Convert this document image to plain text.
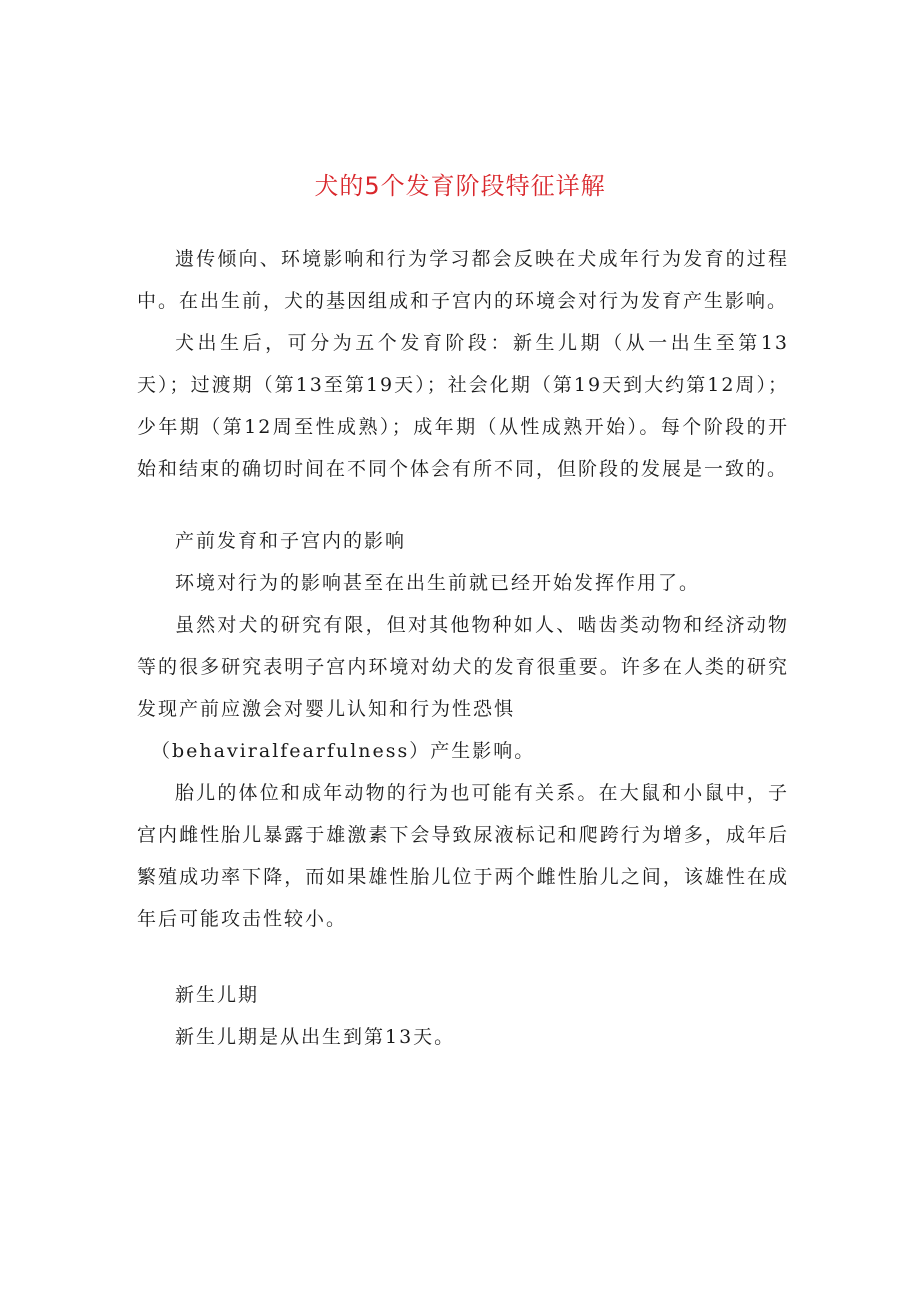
犬的5个发育阶段特征详解

遗传倾向、环境影响和行为学习都会反映在犬成年行为发育的过程中。在出生前，犬的基因组成和子宫内的环境会对行为发育产生影响。

犬出生后，可分为五个发育阶段：新生儿期（从一出生至第13天）；过渡期（第13至第19天）；社会化期（第19天到大约第12周）；少年期（第12周至性成熟）；成年期（从性成熟开始）。每个阶段的开始和结束的确切时间在不同个体会有所不同，但阶段的发展是一致的。

产前发育和子宫内的影响

环境对行为的影响甚至在出生前就已经开始发挥作用了。

虽然对犬的研究有限，但对其他物种如人、啮齿类动物和经济动物等的很多研究表明子宫内环境对幼犬的发育很重要。许多在人类的研究发现产前应激会对婴儿认知和行为性恐惧

（behaviralfearfulness）产生影响。

胎儿的体位和成年动物的行为也可能有关系。在大鼠和小鼠中，子宫内雌性胎儿暴露于雄激素下会导致尿液标记和爬跨行为增多，成年后繁殖成功率下降，而如果雄性胎儿位于两个雌性胎儿之间，该雄性在成年后可能攻击性较小。

新生儿期

新生儿期是从出生到第13天。
